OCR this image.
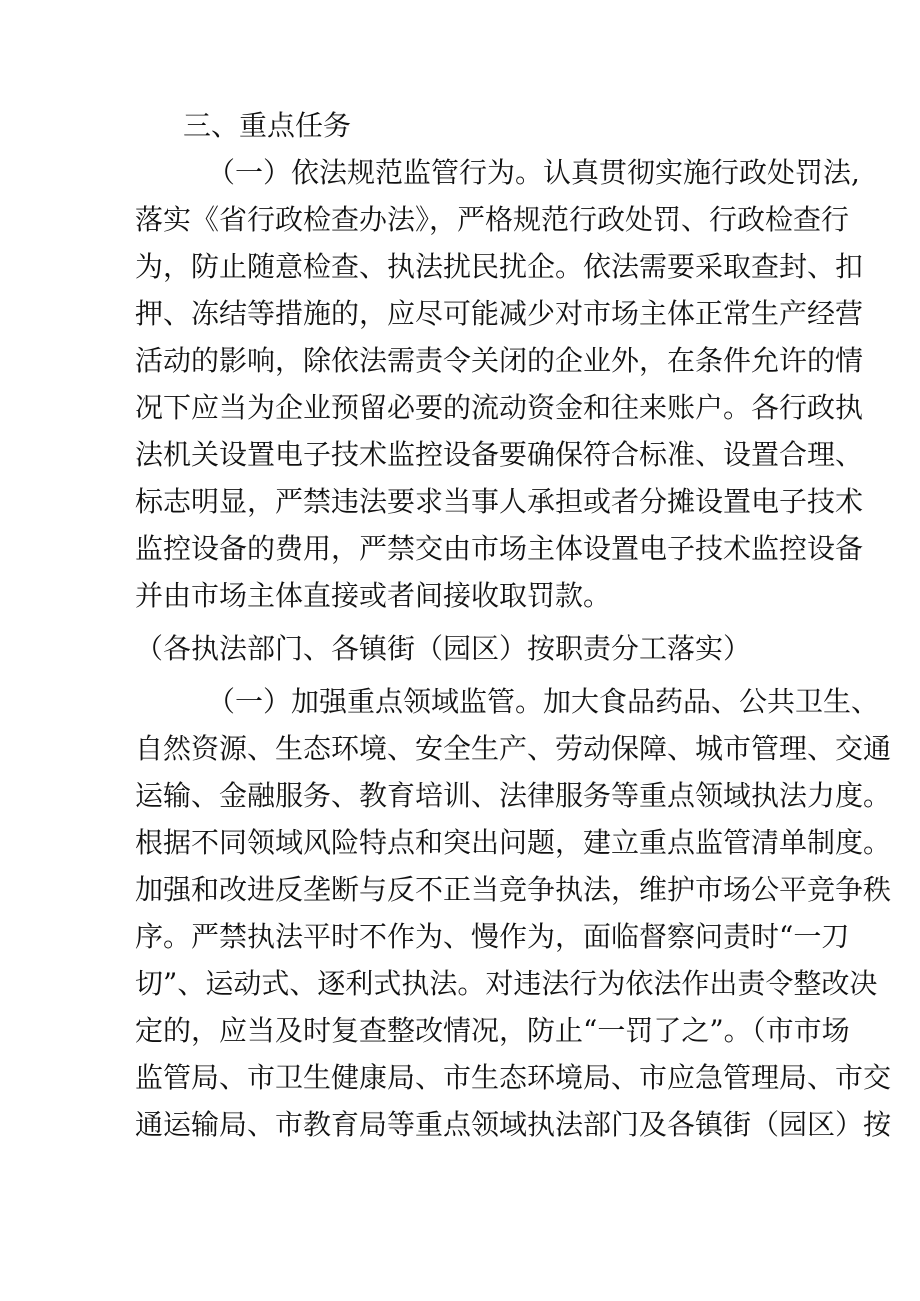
三、重点任务
（一）依法规范监管行为。认真贯彻实施行政处罚法,
落实《省行政检查办法》，严格规范行政处罚、行政检查行
为，防止随意检查、执法扰民扰企。依法需要采取查封、扣
押、冻结等措施的，应尽可能减少对市场主体正常生产经营
活动的影响，除依法需责令关闭的企业外，在条件允许的情
况下应当为企业预留必要的流动资金和往来账户。各行政执
法机关设置电子技术监控设备要确保符合标准、设置合理、
标志明显，严禁违法要求当事人承担或者分摊设置电子技术
监控设备的费用，严禁交由市场主体设置电子技术监控设备
并由市场主体直接或者间接收取罚款。
（各执法部门、各镇街（园区）按职责分工落实）
（一）加强重点领域监管。加大食品药品、公共卫生、
自然资源、生态环境、安全生产、劳动保障、城市管理、交通
运输、金融服务、教育培训、法律服务等重点领域执法力度。
根据不同领域风险特点和突出问题，建立重点监管清单制度。
加强和改进反垄断与反不正当竞争执法，维护市场公平竞争秩
序。严禁执法平时不作为、慢作为，面临督察问责时“一刀
切”、运动式、逐利式执法。对违法行为依法作出责令整改决
定的，应当及时复查整改情况，防止“一罚了之”。（市市场
监管局、市卫生健康局、市生态环境局、市应急管理局、市交
通运输局、市教育局等重点领域执法部门及各镇街（园区）按
